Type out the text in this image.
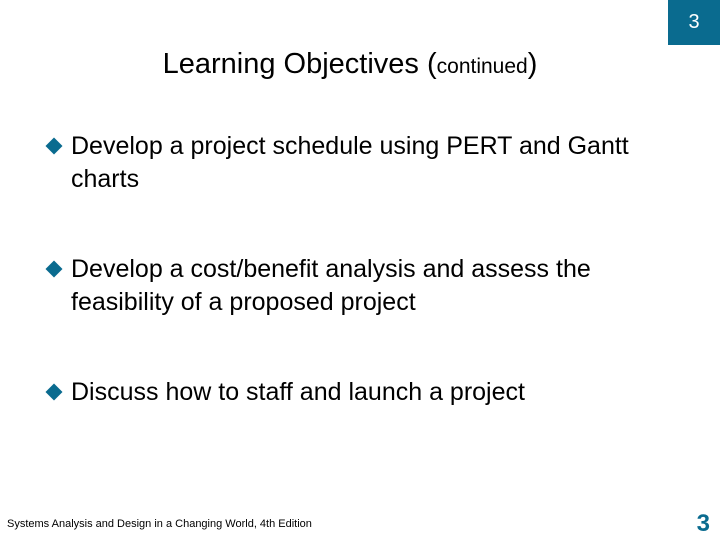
3
Learning Objectives (continued)
Develop a project schedule using PERT and Gantt charts
Develop a cost/benefit analysis and assess the feasibility of a proposed project
Discuss how to staff and launch a project
Systems Analysis and Design in a Changing World, 4th Edition	3
